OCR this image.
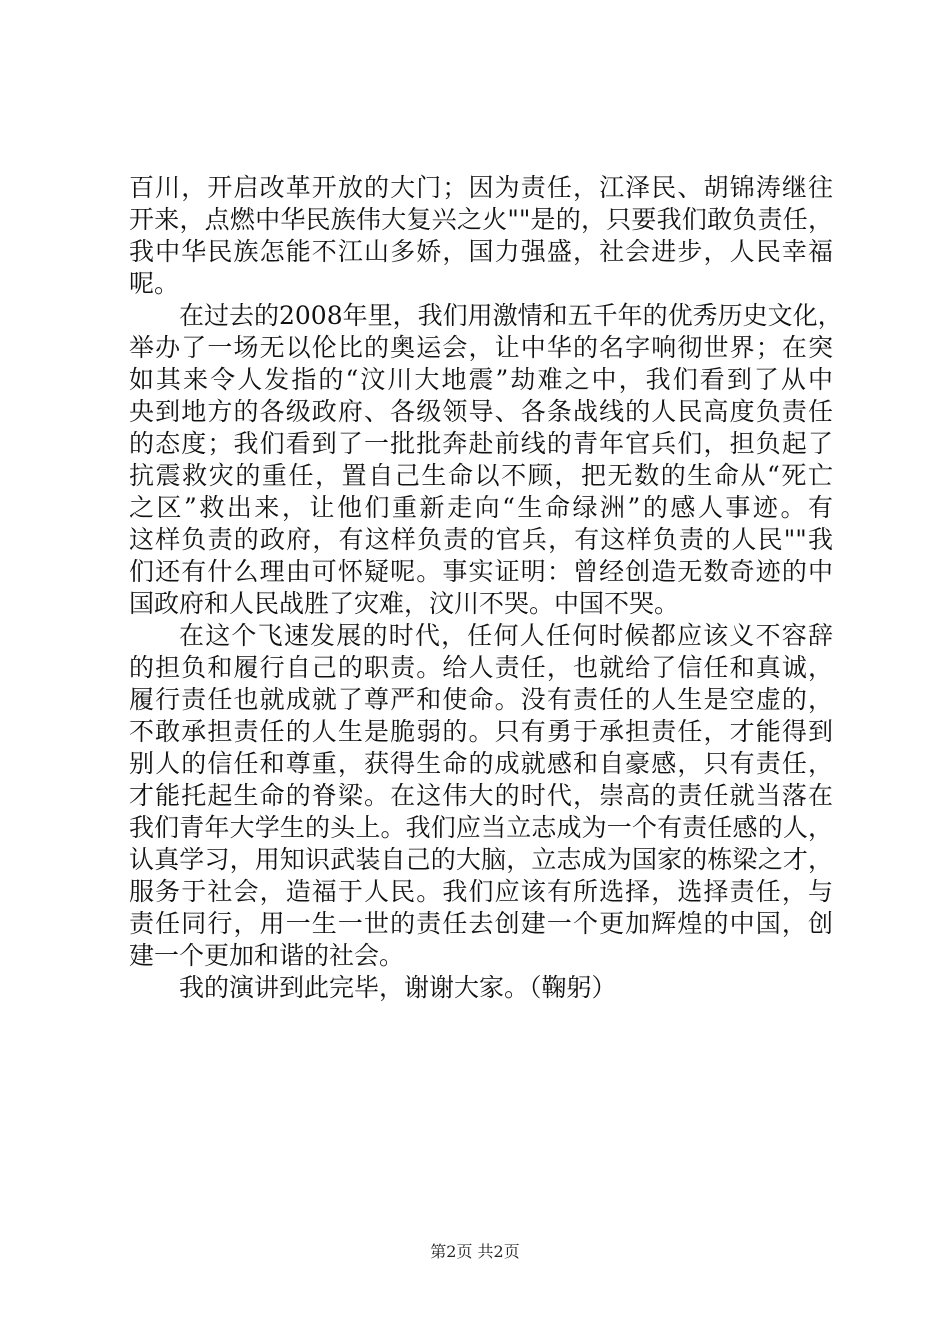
百川，开启改革开放的大门；因为责任，江泽民、胡锦涛继往
开来，点燃中华民族伟大复兴之火""是的，只要我们敢负责任，
我中华民族怎能不江山多娇，国力强盛，社会进步，人民幸福
呢。
在过去的2008年里，我们用激情和五千年的优秀历史文化，
举办了一场无以伦比的奥运会，让中华的名字响彻世界；在突
如其来令人发指的“汶川大地震”劫难之中，我们看到了从中
央到地方的各级政府、各级领导、各条战线的人民高度负责任
的态度；我们看到了一批批奔赴前线的青年官兵们，担负起了
抗震救灾的重任，置自己生命以不顾，把无数的生命从“死亡
之区”救出来，让他们重新走向“生命绿洲”的感人事迹。有
这样负责的政府，有这样负责的官兵，有这样负责的人民""我
们还有什么理由可怀疑呢。事实证明：曾经创造无数奇迹的中
国政府和人民战胜了灾难，汶川不哭。中国不哭。
在这个飞速发展的时代，任何人任何时候都应该义不容辞
的担负和履行自己的职责。给人责任，也就给了信任和真诚，
履行责任也就成就了尊严和使命。没有责任的人生是空虚的，
不敢承担责任的人生是脆弱的。只有勇于承担责任，才能得到
别人的信任和尊重，获得生命的成就感和自豪感，只有责任，
才能托起生命的脊梁。在这伟大的时代，崇高的责任就当落在
我们青年大学生的头上。我们应当立志成为一个有责任感的人，
认真学习，用知识武装自己的大脑，立志成为国家的栋梁之才，
服务于社会，造福于人民。我们应该有所选择，选择责任，与
责任同行，用一生一世的责任去创建一个更加辉煌的中国，创
建一个更加和谐的社会。
我的演讲到此完毕，谢谢大家。（鞠躬）
第2页 共2页
